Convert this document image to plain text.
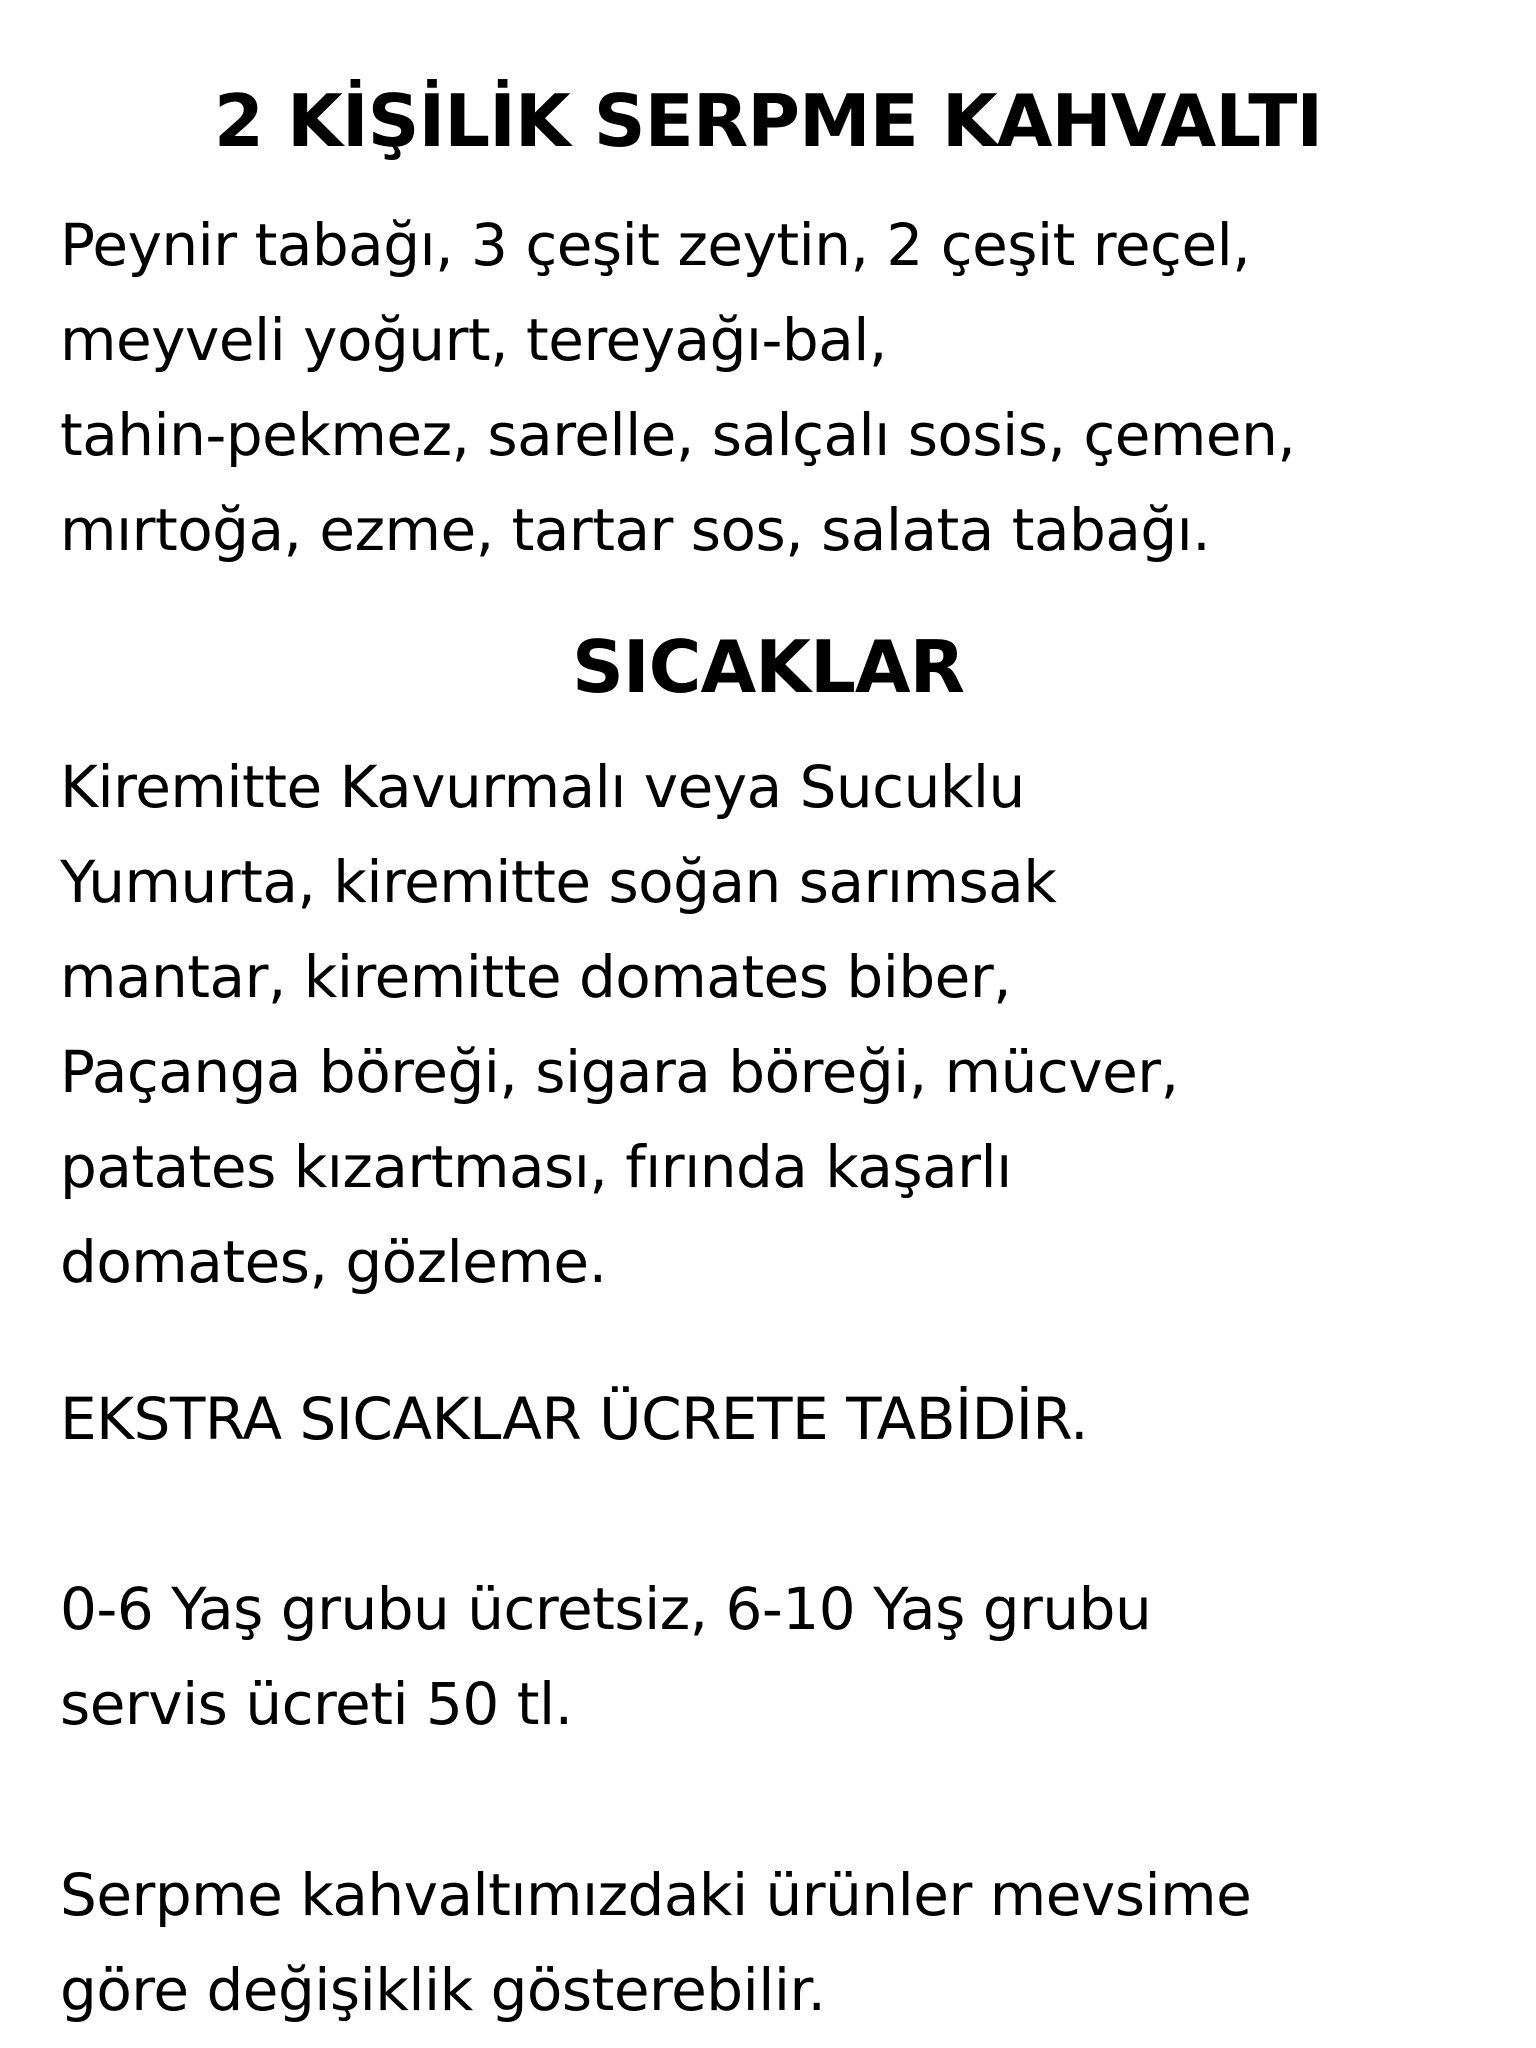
2 KİŞİLİK SERPME KAHVALTI

Peynir tabağı, 3 çeşit zeytin, 2 çeşit reçel,
meyveli yoğurt, tereyağı-bal,
tahin-pekmez, sarelle, salçalı sosis, çemen,
mırtoğa, ezme, tartar sos, salata tabağı.

SICAKLAR

Kiremitte Kavurmalı veya Sucuklu
Yumurta, kiremitte soğan sarımsak
mantar, kiremitte domates biber,
Paçanga böreği, sigara böreği, mücver,
patates kızartması, fırında kaşarlı
domates, gözleme.

EKSTRA SICAKLAR ÜCRETE TABİDİR.

0-6 Yaş grubu ücretsiz, 6-10 Yaş grubu
servis ücreti 50 tl.

Serpme kahvaltımızdaki ürünler mevsime
göre değişiklik gösterebilir.
